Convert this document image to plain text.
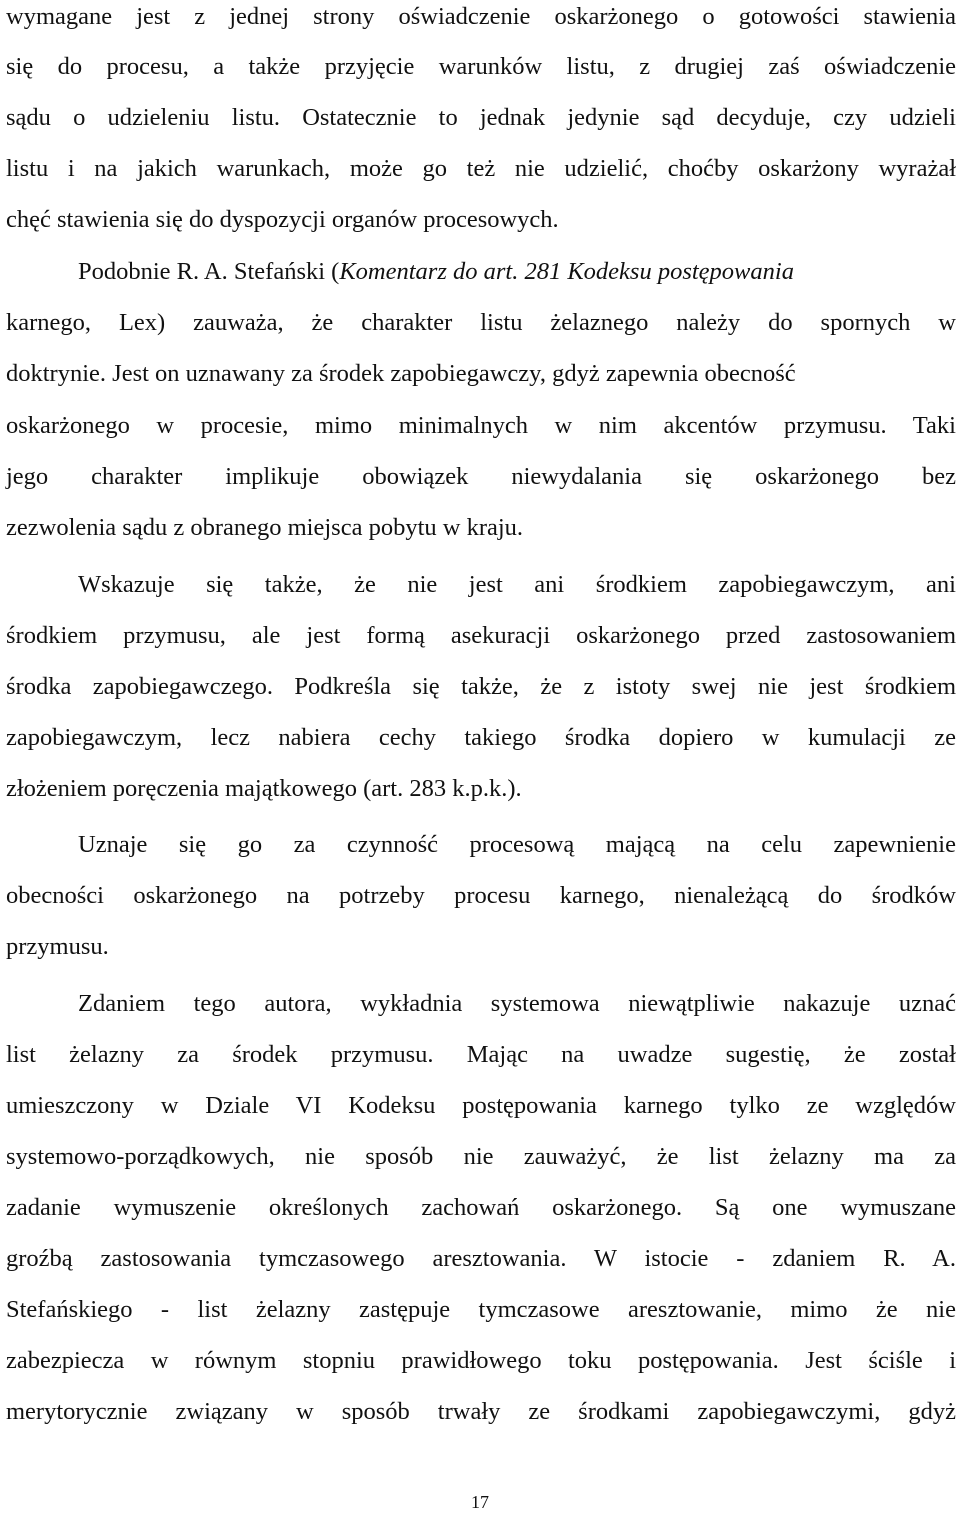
wymagane jest z jednej strony oświadczenie oskarżonego o gotowości stawienia
się do procesu, a także przyjęcie warunków listu, z drugiej zaś oświadczenie
sądu o udzieleniu listu. Ostatecznie to jednak jedynie sąd decyduje, czy udzieli
listu i na jakich warunkach, może go też nie udzielić, choćby oskarżony wyrażał
chęć stawienia się do dyspozycji organów procesowych.
Podobnie R. A. Stefański (Komentarz do art. 281 Kodeksu postępowania
karnego, Lex) zauważa, że charakter listu żelaznego należy do spornych w
doktrynie. Jest on uznawany za środek zapobiegawczy, gdyż zapewnia obecność
oskarżonego w procesie, mimo minimalnych w nim akcentów przymusu. Taki
jego charakter implikuje obowiązek niewydalania się oskarżonego bez
zezwolenia sądu z obranego miejsca pobytu w kraju.
Wskazuje się także, że nie jest ani środkiem zapobiegawczym, ani
środkiem przymusu, ale jest formą asekuracji oskarżonego przed zastosowaniem
środka zapobiegawczego. Podkreśla się także, że z istoty swej nie jest środkiem
zapobiegawczym, lecz nabiera cechy takiego środka dopiero w kumulacji ze
złożeniem poręczenia majątkowego (art. 283 k.p.k.).
Uznaje się go za czynność procesową mającą na celu zapewnienie
obecności oskarżonego na potrzeby procesu karnego, nienależącą do środków
przymusu.
Zdaniem tego autora, wykładnia systemowa niewątpliwie nakazuje uznać
list żelazny za środek przymusu. Mając na uwadze sugestię, że został
umieszczony w Dziale VI Kodeksu postępowania karnego tylko ze względów
systemowo-porządkowych, nie sposób nie zauważyć, że list żelazny ma za
zadanie wymuszenie określonych zachowań oskarżonego. Są one wymuszane
groźbą zastosowania tymczasowego aresztowania. W istocie - zdaniem R. A.
Stefańskiego - list żelazny zastępuje tymczasowe aresztowanie, mimo że nie
zabezpiecza w równym stopniu prawidłowego toku postępowania. Jest ściśle i
merytorycznie związany w sposób trwały ze środkami zapobiegawczymi, gdyż
17
